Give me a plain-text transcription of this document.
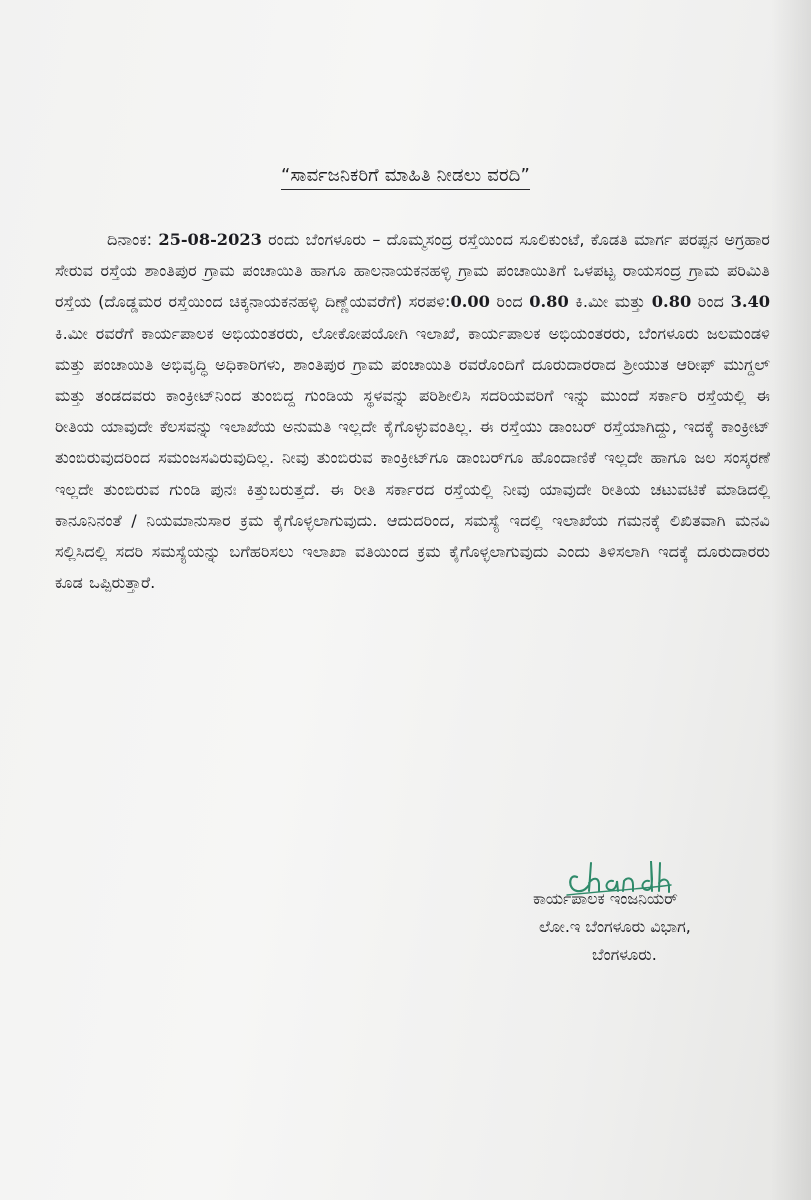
“ಸಾರ್ವಜನಿಕರಿಗೆ ಮಾಹಿತಿ ನೀಡಲು ವರದಿ”
ದಿನಾಂಕ: 25-08-2023 ರಂದು ಬೆಂಗಳೂರು – ದೊಮ್ಮಸಂದ್ರ ರಸ್ತೆಯಿಂದ ಸೂಲಿಕುಂಟೆ, ಕೊಡತಿ ಮಾರ್ಗ ಪರಪ್ಪನ ಅಗ್ರಹಾರ ಸೇರುವ ರಸ್ತೆಯ ಶಾಂತಿಪುರ ಗ್ರಾಮ ಪಂಚಾಯಿತಿ ಹಾಗೂ ಹಾಲನಾಯಕನಹಳ್ಳಿ ಗ್ರಾಮ ಪಂಚಾಯಿತಿಗೆ ಒಳಪಟ್ಟ ರಾಯಸಂದ್ರ ಗ್ರಾಮ ಪರಿಮಿತಿ ರಸ್ತೆಯ (ದೊಡ್ಡಮರ ರಸ್ತೆಯಿಂದ ಚಿಕ್ಕನಾಯಕನಹಳ್ಳಿ ದಿಣ್ಣೆಯವರೆಗೆ) ಸರಪಳಿ:0.00 ರಿಂದ 0.80 ಕಿ.ಮೀ ಮತ್ತು 0.80 ರಿಂದ 3.40 ಕಿ.ಮೀ ರವರೆಗೆ ಕಾರ್ಯಪಾಲಕ ಅಭಿಯಂತರರು, ಲೋಕೋಪಯೋಗಿ ಇಲಾಖೆ, ಕಾರ್ಯಪಾಲಕ ಅಭಿಯಂತರರು, ಬೆಂಗಳೂರು ಜಲಮಂಡಳಿ ಮತ್ತು ಪಂಚಾಯಿತಿ ಅಭಿವೃದ್ಧಿ ಅಧಿಕಾರಿಗಳು, ಶಾಂತಿಪುರ ಗ್ರಾಮ ಪಂಚಾಯಿತಿ ರವರೊಂದಿಗೆ ದೂರುದಾರರಾದ ಶ್ರೀಯುತ ಆರೀಫ್ ಮುಗ್ದಲ್ ಮತ್ತು ತಂಡದವರು ಕಾಂಕ್ರೀಟ್‌ನಿಂದ ತುಂಬಿದ್ದ ಗುಂಡಿಯ ಸ್ಥಳವನ್ನು ಪರಿಶೀಲಿಸಿ ಸದರಿಯವರಿಗೆ ಇನ್ನು ಮುಂದೆ ಸರ್ಕಾರಿ ರಸ್ತೆಯಲ್ಲಿ ಈ ರೀತಿಯ ಯಾವುದೇ ಕೆಲಸವನ್ನು ಇಲಾಖೆಯ ಅನುಮತಿ ಇಲ್ಲದೇ ಕೈಗೊಳ್ಳುವಂತಿಲ್ಲ. ಈ ರಸ್ತೆಯು ಡಾಂಬರ್ ರಸ್ತೆಯಾಗಿದ್ದು, ಇದಕ್ಕೆ ಕಾಂಕ್ರೀಟ್ ತುಂಬಿರುವುದರಿಂದ ಸಮಂಜಸವಿರುವುದಿಲ್ಲ. ನೀವು ತುಂಬಿರುವ ಕಾಂಕ್ರೀಟ್‌ಗೂ ಡಾಂಬರ್‌ಗೂ ಹೊಂದಾಣಿಕೆ ಇಲ್ಲದೇ ಹಾಗೂ ಜಲ ಸಂಸ್ಕರಣೆ ಇಲ್ಲದೇ ತುಂಬಿರುವ ಗುಂಡಿ ಪುನಃ ಕಿತ್ತುಬರುತ್ತದೆ. ಈ ರೀತಿ ಸರ್ಕಾರದ ರಸ್ತೆಯಲ್ಲಿ ನೀವು ಯಾವುದೇ ರೀತಿಯ ಚಟುವಟಿಕೆ ಮಾಡಿದಲ್ಲಿ ಕಾನೂನಿನಂತೆ / ನಿಯಮಾನುಸಾರ ಕ್ರಮ ಕೈಗೊಳ್ಳಲಾಗುವುದು. ಆದುದರಿಂದ, ಸಮಸ್ಯೆ ಇದಲ್ಲಿ ಇಲಾಖೆಯ ಗಮನಕ್ಕೆ ಲಿಖಿತವಾಗಿ ಮನವಿ ಸಲ್ಲಿಸಿದಲ್ಲಿ ಸದರಿ ಸಮಸ್ಯೆಯನ್ನು ಬಗೆಹರಿಸಲು ಇಲಾಖಾ ವತಿಯಿಂದ ಕ್ರಮ ಕೈಗೊಳ್ಳಲಾಗುವುದು ಎಂದು ತಿಳಿಸಲಾಗಿ ಇದಕ್ಕೆ ದೂರುದಾರರು ಕೂಡ ಒಪ್ಪಿರುತ್ತಾರೆ.
ಕಾರ್ಯಪಾಲಕ ಇಂಜನಿಯರ್
ಲೋ.ಇ ಬೆಂಗಳೂರು ವಿಭಾಗ,
ಬೆಂಗಳೂರು.
